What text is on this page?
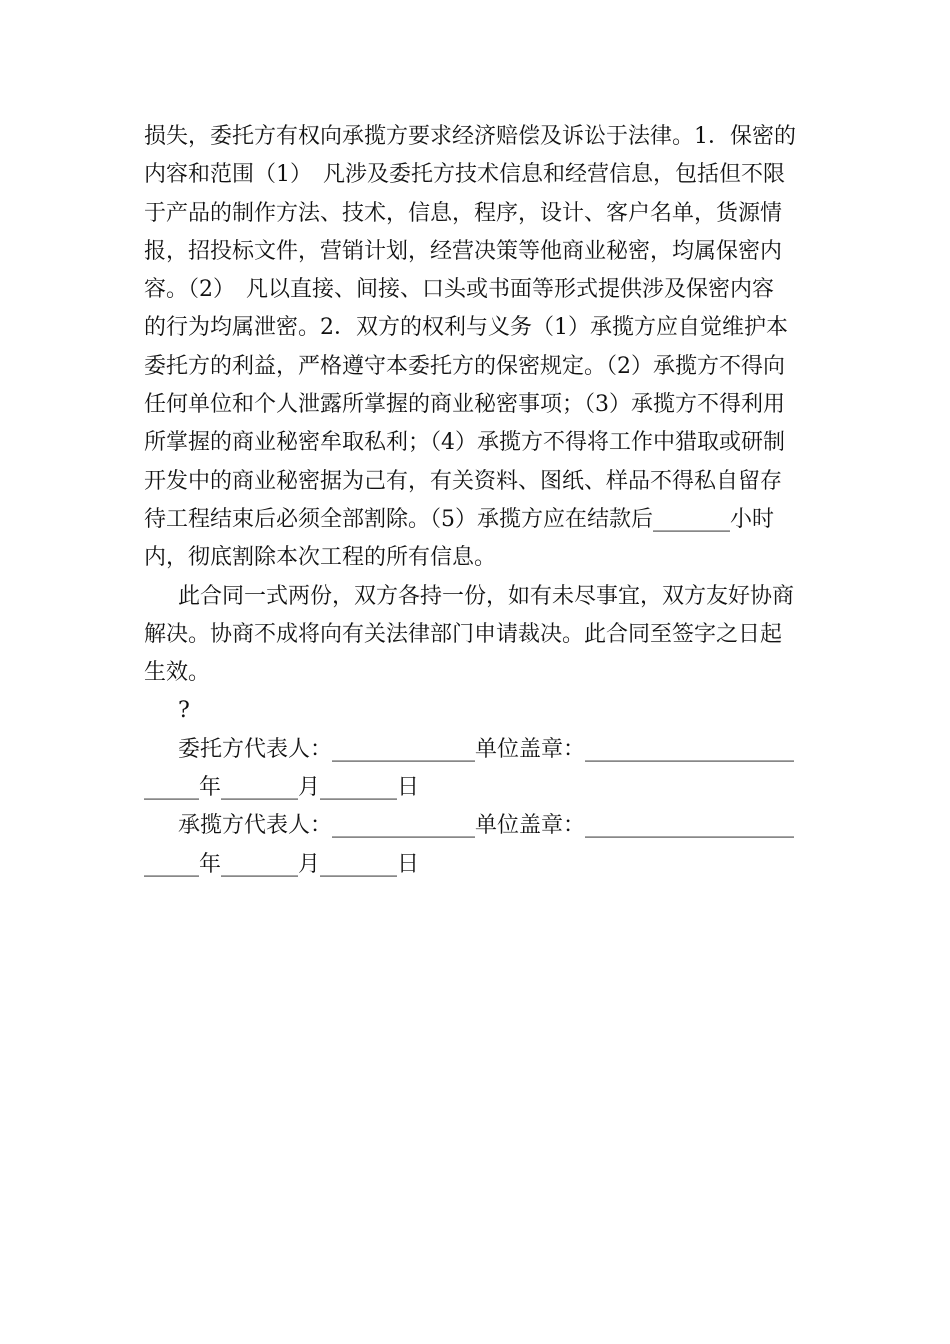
损失，委托方有权向承揽方要求经济赔偿及诉讼于法律。1．保密的
内容和范围（1）　凡涉及委托方技术信息和经营信息，包括但不限
于产品的制作方法、技术，信息，程序，设计、客户名单，货源情
报，招投标文件，营销计划，经营决策等他商业秘密，均属保密内
容。（2）　凡以直接、间接、口头或书面等形式提供涉及保密内容
的行为均属泄密。2．双方的权利与义务（1）承揽方应自觉维护本
委托方的利益，严格遵守本委托方的保密规定。（2）承揽方不得向
任何单位和个人泄露所掌握的商业秘密事项；（3）承揽方不得利用
所掌握的商业秘密牟取私利；（4）承揽方不得将工作中猎取或研制
开发中的商业秘密据为己有，有关资料、图纸、样品不得私自留存
待工程结束后必须全部割除。（5）承揽方应在结款后_______小时
内，彻底割除本次工程的所有信息。
此合同一式两份，双方各持一份，如有未尽事宜，双方友好协商
解决。协商不成将向有关法律部门申请裁决。此合同至签字之日起
生效。
?
委托方代表人：_____________单位盖章：___________________
_____年_______月_______日
承揽方代表人：_____________单位盖章：___________________
_____年_______月_______日
